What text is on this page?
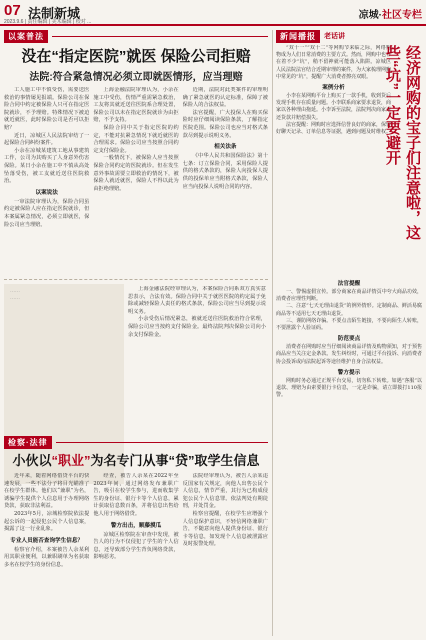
07 法制新城
2023.9.6 | 责任编辑 | 美术编辑 | 校对 ...
凉城·社区专栏
以案普法
没在“指定医院”就医 保险公司拒赔
法院:符合紧急情况必须立即就医情形，应当理赔

工人施工中不慎受伤，需要送医救治的事情屡见报端。保险公司在保险合同中约定被保险人只可在指定医院就诊，不予理赔。特殊情况下被迫就近就医，此时保险公司是否可以拒赔？

近日，凉城区人民法院审结了一起保险合同纠纷案件。

小余在凉城某建筑工地从事建筑工作，公司为其购买了人身意外伤害保险。某日小余在施工中不慎从高处坠落受伤，被工友就近送往医院救治。

以案说法

一审法院审理认为，保险合同虽约定被保险人应在指定医院就诊，但本案属紧急情况，必须立即就医，保险公司应当理赔。

上海金融法院审理认为，小余在施工中受伤，伤情严重需紧急救治，工友将其就近送往医院系合理处置，保险公司以未在指定医院就诊为由拒赔，不予支持。

保险合同中关于指定医院的约定，不能对抗紧急情况下就近就医的合理需求。保险公司应当按照合同约定支付保险金。

一般情况下，被保险人应当按照保险合同约定的医院就诊。但在发生意外事故需要立即救治的情况下，被保险人就近就医，保险人不得以此为由拒绝理赔。

近期，法院对此类案件的审理明确了紧急就医的认定标准，保障了被保险人的合法权益。

法官提醒，广大投保人在购买保险时应仔细阅读保险条款，了解指定医院范围。保险公司也应当对格式条款尽到提示说明义务。

相关法条

《中华人民共和国保险法》第十七条：订立保险合同，采用保险人提供的格式条款的，保险人向投保人提供的投保单应当附格式条款，保险人应当向投保人说明合同的内容。

……

……

上海金融法院经审理认为，本案保险合同系双方真实意思表示，合法有效。保险合同中关于就医医院的约定属于免除或减轻保险人责任的格式条款，保险公司应当尽到提示说明义务。

小余受伤后情况紧急，被就近送往医院救治符合常理，保险公司应当按约支付保险金。最终法院判决保险公司向小余支付保险金。

检察·法律
小伙以“职业”为名专门从事“贷”取学生信息

近年来，随着网络借贷平台的快速发展，一些不法分子将目光瞄准了在校学生群体。他们以“兼职”为名，诱骗学生提供个人信息用于办理网络贷款，获取非法利益。

2023年5月，凉城检察院依法提起公诉的一起侵犯公民个人信息案，揭露了这一行业乱象。

专业人员能否查询学生信息？

检察官介绍，本案被告人余某利用其职业便利，以兼职刷单为名获取多名在校学生的身份信息。

经查，被告人余某在2022年至2023年间，通过网络发布兼职广告，吸引在校学生参与，进而收集学生的身份证、银行卡等个人信息，累计获取信息数百条，并将信息出售给他人用于网络借贷。

警方出击，顺藤摸瓜

凉城区检察院在审查中发现，被告人的行为不仅侵犯了学生的个人信息，还导致部分学生背负网络贷款，影响恶劣。

法院经审理认为，被告人余某违反国家有关规定，向他人出售公民个人信息，情节严重，其行为已构成侵犯公民个人信息罪。依法判处有期徒刑，并处罚金。

检察官提醒，在校学生应增强个人信息保护意识，不轻信网络兼职广告，不随意向他人提供身份证、银行卡等信息，如发现个人信息被泄露应及时报警处理。

新闻播报	老话讲

“双十一”“双十二”等网购节来临之际，网络购物成为人们日常消费的主要方式。然而，网购中也存在着不少“坑”，稍不留神就可能落入陷阱。凉城区人民法院法官结合近期审理的案件，为大家梳理网购中常见的“坑”，提醒广大消费者擦亮双眼。

案例分析

小李在某网购平台上购买了一款手机，收到货后发现手机存在质量问题。小李联系商家要求退货，商家以各种理由拖延。小李诉至法院，法院判决商家退还货款并赔偿损失。

法官提醒：网购时应选择信誉良好的商家，保留好聊天记录、订单信息等证据，遇到问题及时维权。 经济网购的宝子们注意啦，这些“坑”一定要避开
法官提醒

一、警惕虚假宣传。部分商家在商品详情页中夸大商品功效，消费者应理性判断。

二、注意“七天无理由退货”的例外情形。定制商品、鲜活易腐商品等不适用七天无理由退货。

三、谨防网络诈骗。不要点击陌生链接，不要向陌生人转账，不要泄露个人验证码。

防范要点

消费者在网购时应当仔细阅读商品详情及购物须知，对于预售商品应当关注定金条款。发生纠纷时，可通过平台投诉、向消费者协会投诉或向法院起诉等途径维护自身合法权益。

警方提示

网购时务必通过正规平台交易，切勿私下转账。如遇“客服”以退款、理赔为由索要银行卡信息，一定是诈骗，请立即拨打110报警。
